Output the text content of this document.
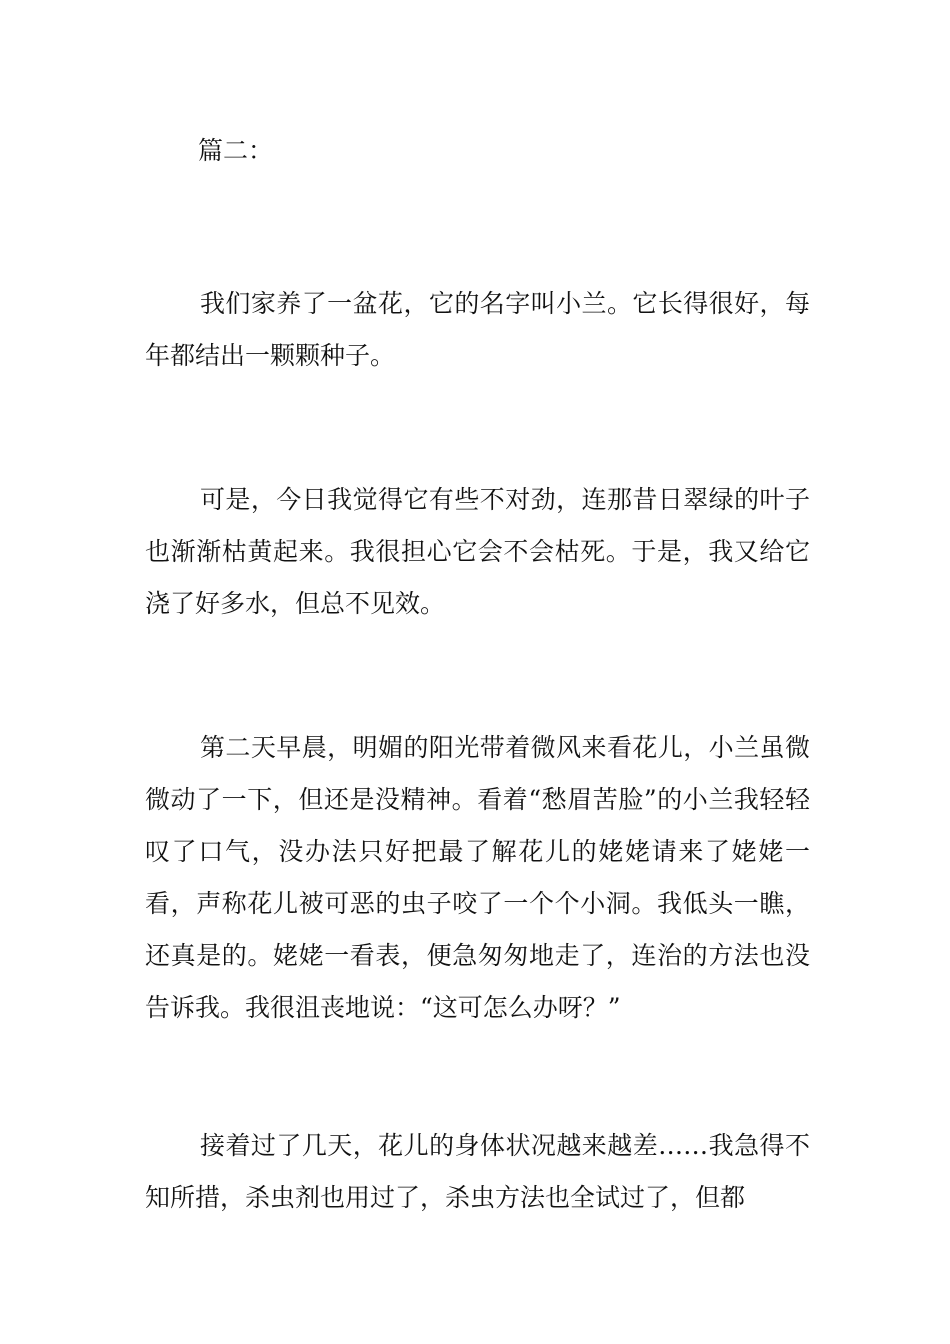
篇二：

我们家养了一盆花，它的名字叫小兰。它长得很好，每年都结出一颗颗种子。

可是，今日我觉得它有些不对劲，连那昔日翠绿的叶子也渐渐枯黄起来。我很担心它会不会枯死。于是，我又给它浇了好多水，但总不见效。

第二天早晨，明媚的阳光带着微风来看花儿，小兰虽微微动了一下，但还是没精神。看着“愁眉苦脸”的小兰我轻轻叹了口气，没办法只好把最了解花儿的姥姥请来了姥姥一看，声称花儿被可恶的虫子咬了一个个小洞。我低头一瞧，还真是的。姥姥一看表，便急匆匆地走了，连治的方法也没告诉我。我很沮丧地说：“这可怎么办呀？”

接着过了几天，花儿的身体状况越来越差……我急得不知所措，杀虫剂也用过了，杀虫方法也全试过了，但都
